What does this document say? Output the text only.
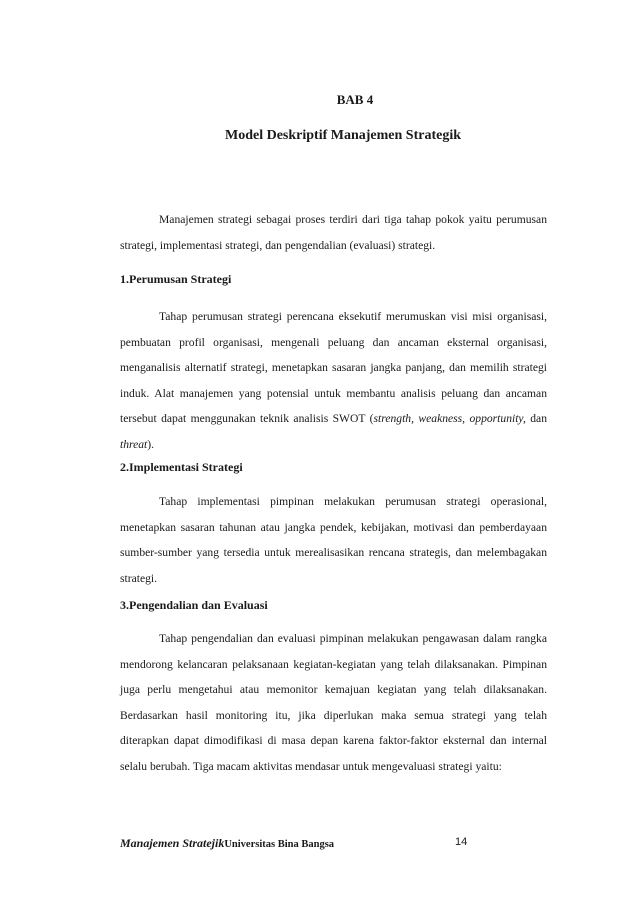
BAB 4
Model Deskriptif Manajemen Strategik

Manajemen strategi sebagai proses terdiri dari tiga tahap pokok yaitu perumusan strategi, implementasi strategi, dan pengendalian (evaluasi) strategi.

1.Perumusan Strategi

Tahap perumusan strategi perencana eksekutif merumuskan visi misi organisasi, pembuatan profil organisasi, mengenali peluang dan ancaman eksternal organisasi, menganalisis alternatif strategi, menetapkan sasaran jangka panjang, dan memilih strategi induk. Alat manajemen yang potensial untuk membantu analisis peluang dan ancaman tersebut dapat menggunakan teknik analisis SWOT (strength, weakness, opportunity, dan threat).

2.Implementasi Strategi

Tahap implementasi pimpinan melakukan perumusan strategi operasional, menetapkan sasaran tahunan atau jangka pendek, kebijakan, motivasi dan pemberdayaan sumber-sumber yang tersedia untuk merealisasikan rencana strategis, dan melembagakan strategi.

3.Pengendalian dan Evaluasi

Tahap pengendalian dan evaluasi pimpinan melakukan pengawasan dalam rangka mendorong kelancaran pelaksanaan kegiatan-kegiatan yang telah dilaksanakan. Pimpinan juga perlu mengetahui atau memonitor kemajuan kegiatan yang telah dilaksanakan. Berdasarkan hasil monitoring itu, jika diperlukan maka semua strategi yang telah diterapkan dapat dimodifikasi di masa depan karena faktor-faktor eksternal dan internal selalu berubah. Tiga macam aktivitas mendasar untuk mengevaluasi strategi yaitu:

Manajemen StratejikUniversitas Bina Bangsa	14
